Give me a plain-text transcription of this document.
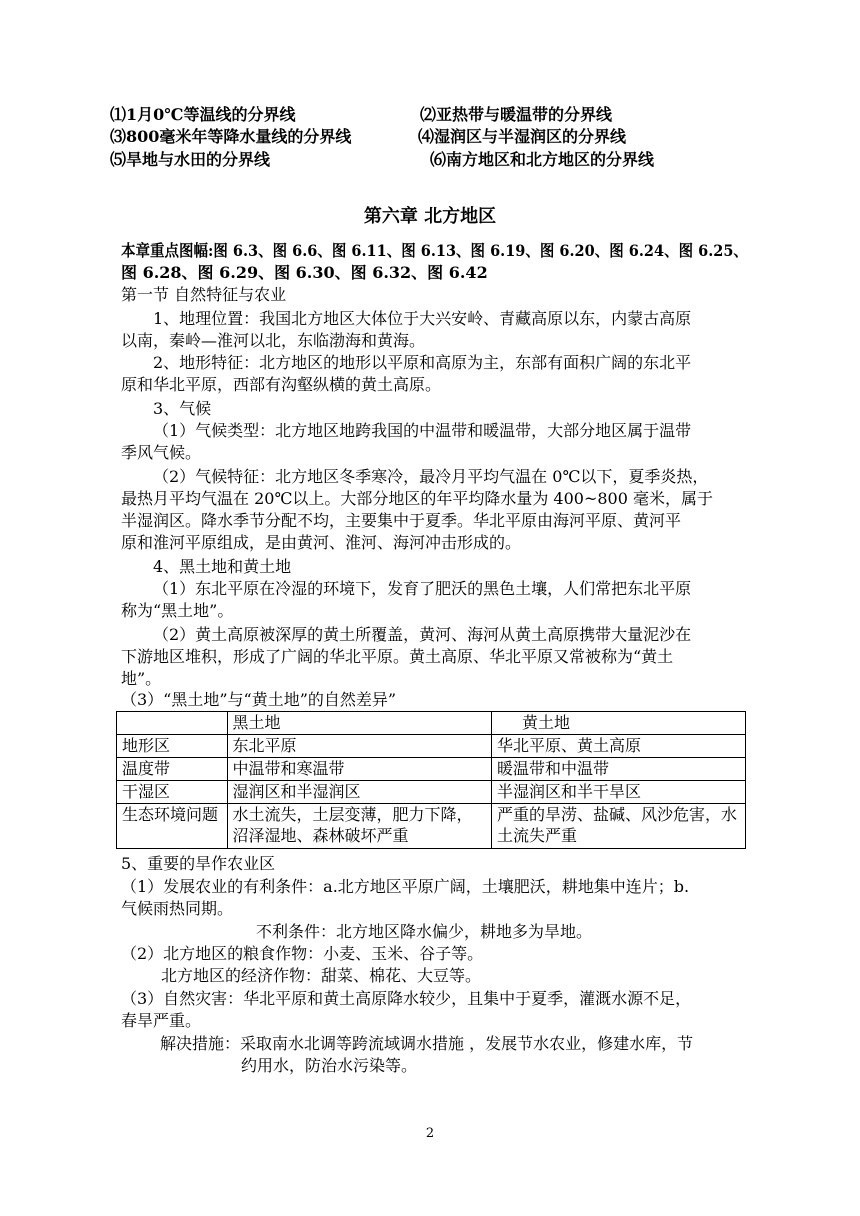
⑴1月0℃等温线的分界线	⑵亚热带与暖温带的分界线
⑶800毫米年等降水量线的分界线	⑷湿润区与半湿润区的分界线
⑸旱地与水田的分界线	⑹南方地区和北方地区的分界线
第六章 北方地区
本章重点图幅:图 6.3、图 6.6、图 6.11、图 6.13、图 6.19、图 6.20、图 6.24、图 6.25、
图 6.28、图 6.29、图 6.30、图 6.32、图 6.42
第一节 自然特征与农业
1、地理位置：我国北方地区大体位于大兴安岭、青藏高原以东，内蒙古高原
以南，秦岭—淮河以北，东临渤海和黄海。
2、地形特征：北方地区的地形以平原和高原为主，东部有面积广阔的东北平
原和华北平原，西部有沟壑纵横的黄土高原。
3、气候
（1）气候类型：北方地区地跨我国的中温带和暖温带，大部分地区属于温带
季风气候。
（2）气候特征：北方地区冬季寒冷，最冷月平均气温在 0℃以下，夏季炎热，
最热月平均气温在 20℃以上。大部分地区的年平均降水量为 400~800 毫米，属于
半湿润区。降水季节分配不均，主要集中于夏季。华北平原由海河平原、黄河平
原和淮河平原组成，是由黄河、淮河、海河冲击形成的。
4、黑土地和黄土地
（1）东北平原在冷湿的环境下，发育了肥沃的黑色土壤，人们常把东北平原
称为“黑土地”。
（2）黄土高原被深厚的黄土所覆盖，黄河、海河从黄土高原携带大量泥沙在
下游地区堆积，形成了广阔的华北平原。黄土高原、华北平原又常被称为“黄土
地”。
（3）“黑土地”与“黄土地”的自然差异”
	黑土地	黄土地
地形区	东北平原	华北平原、黄土高原
温度带	中温带和寒温带	暖温带和中温带
干湿区	湿润区和半湿润区	半湿润区和半干旱区
生态环境问题	水土流失，土层变薄，肥力下降，沼泽湿地、森林破坏严重	严重的旱涝、盐碱、风沙危害，水土流失严重
5、重要的旱作农业区
（1）发展农业的有利条件：a.北方地区平原广阔，土壤肥沃，耕地集中连片；b.
气候雨热同期。
不利条件：北方地区降水偏少，耕地多为旱地。
（2）北方地区的粮食作物：小麦、玉米、谷子等。
北方地区的经济作物：甜菜、棉花、大豆等。
（3）自然灾害：华北平原和黄土高原降水较少，且集中于夏季，灌溉水源不足，
春旱严重。
解决措施：采取南水北调等跨流域调水措施 ，发展节水农业，修建水库，节
约用水，防治水污染等。
2
